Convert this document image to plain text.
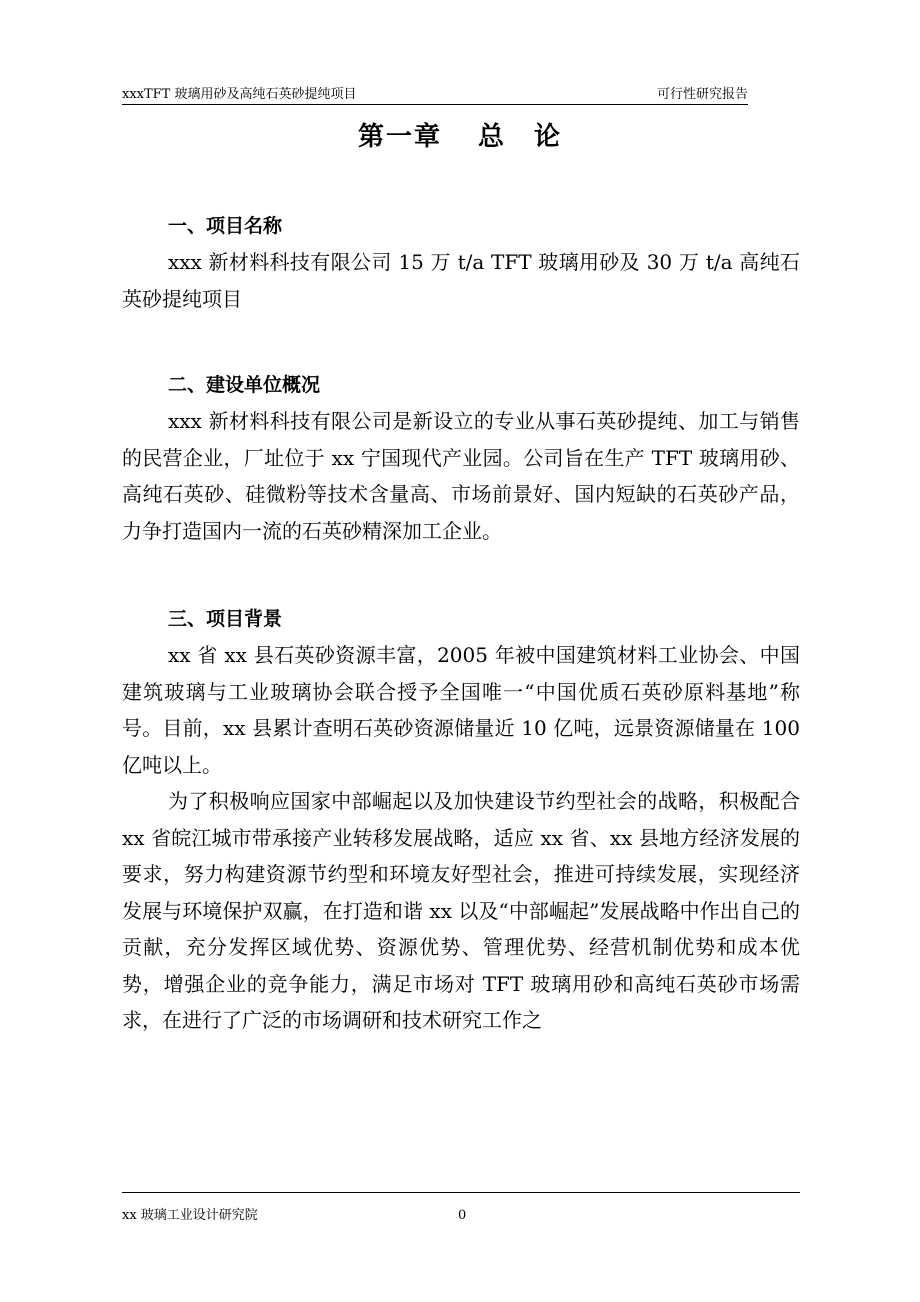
xxxTFT 玻璃用砂及高纯石英砂提纯项目	可行性研究报告
第一章 总　论
一、项目名称

xxx 新材料科技有限公司 15 万 t/a TFT 玻璃用砂及 30 万 t/a 高纯石英砂提纯项目

二、建设单位概况

xxx 新材料科技有限公司是新设立的专业从事石英砂提纯、加工与销售的民营企业，厂址位于 xx 宁国现代产业园。公司旨在生产 TFT 玻璃用砂、高纯石英砂、硅微粉等技术含量高、市场前景好、国内短缺的石英砂产品，力争打造国内一流的石英砂精深加工企业。

三、项目背景

xx 省 xx 县石英砂资源丰富，2005 年被中国建筑材料工业协会、中国建筑玻璃与工业玻璃协会联合授予全国唯一“中国优质石英砂原料基地”称号。目前，xx 县累计查明石英砂资源储量近 10 亿吨，远景资源储量在 100 亿吨以上。

为了积极响应国家中部崛起以及加快建设节约型社会的战略，积极配合 xx 省皖江城市带承接产业转移发展战略，适应 xx 省、xx 县地方经济发展的要求，努力构建资源节约型和环境友好型社会，推进可持续发展，实现经济发展与环境保护双赢，在打造和谐 xx 以及“中部崛起”发展战略中作出自己的贡献，充分发挥区域优势、资源优势、管理优势、经营机制优势和成本优势，增强企业的竞争能力，满足市场对 TFT 玻璃用砂和高纯石英砂市场需求，在进行了广泛的市场调研和技术研究工作之

xx 玻璃工业设计研究院	0
